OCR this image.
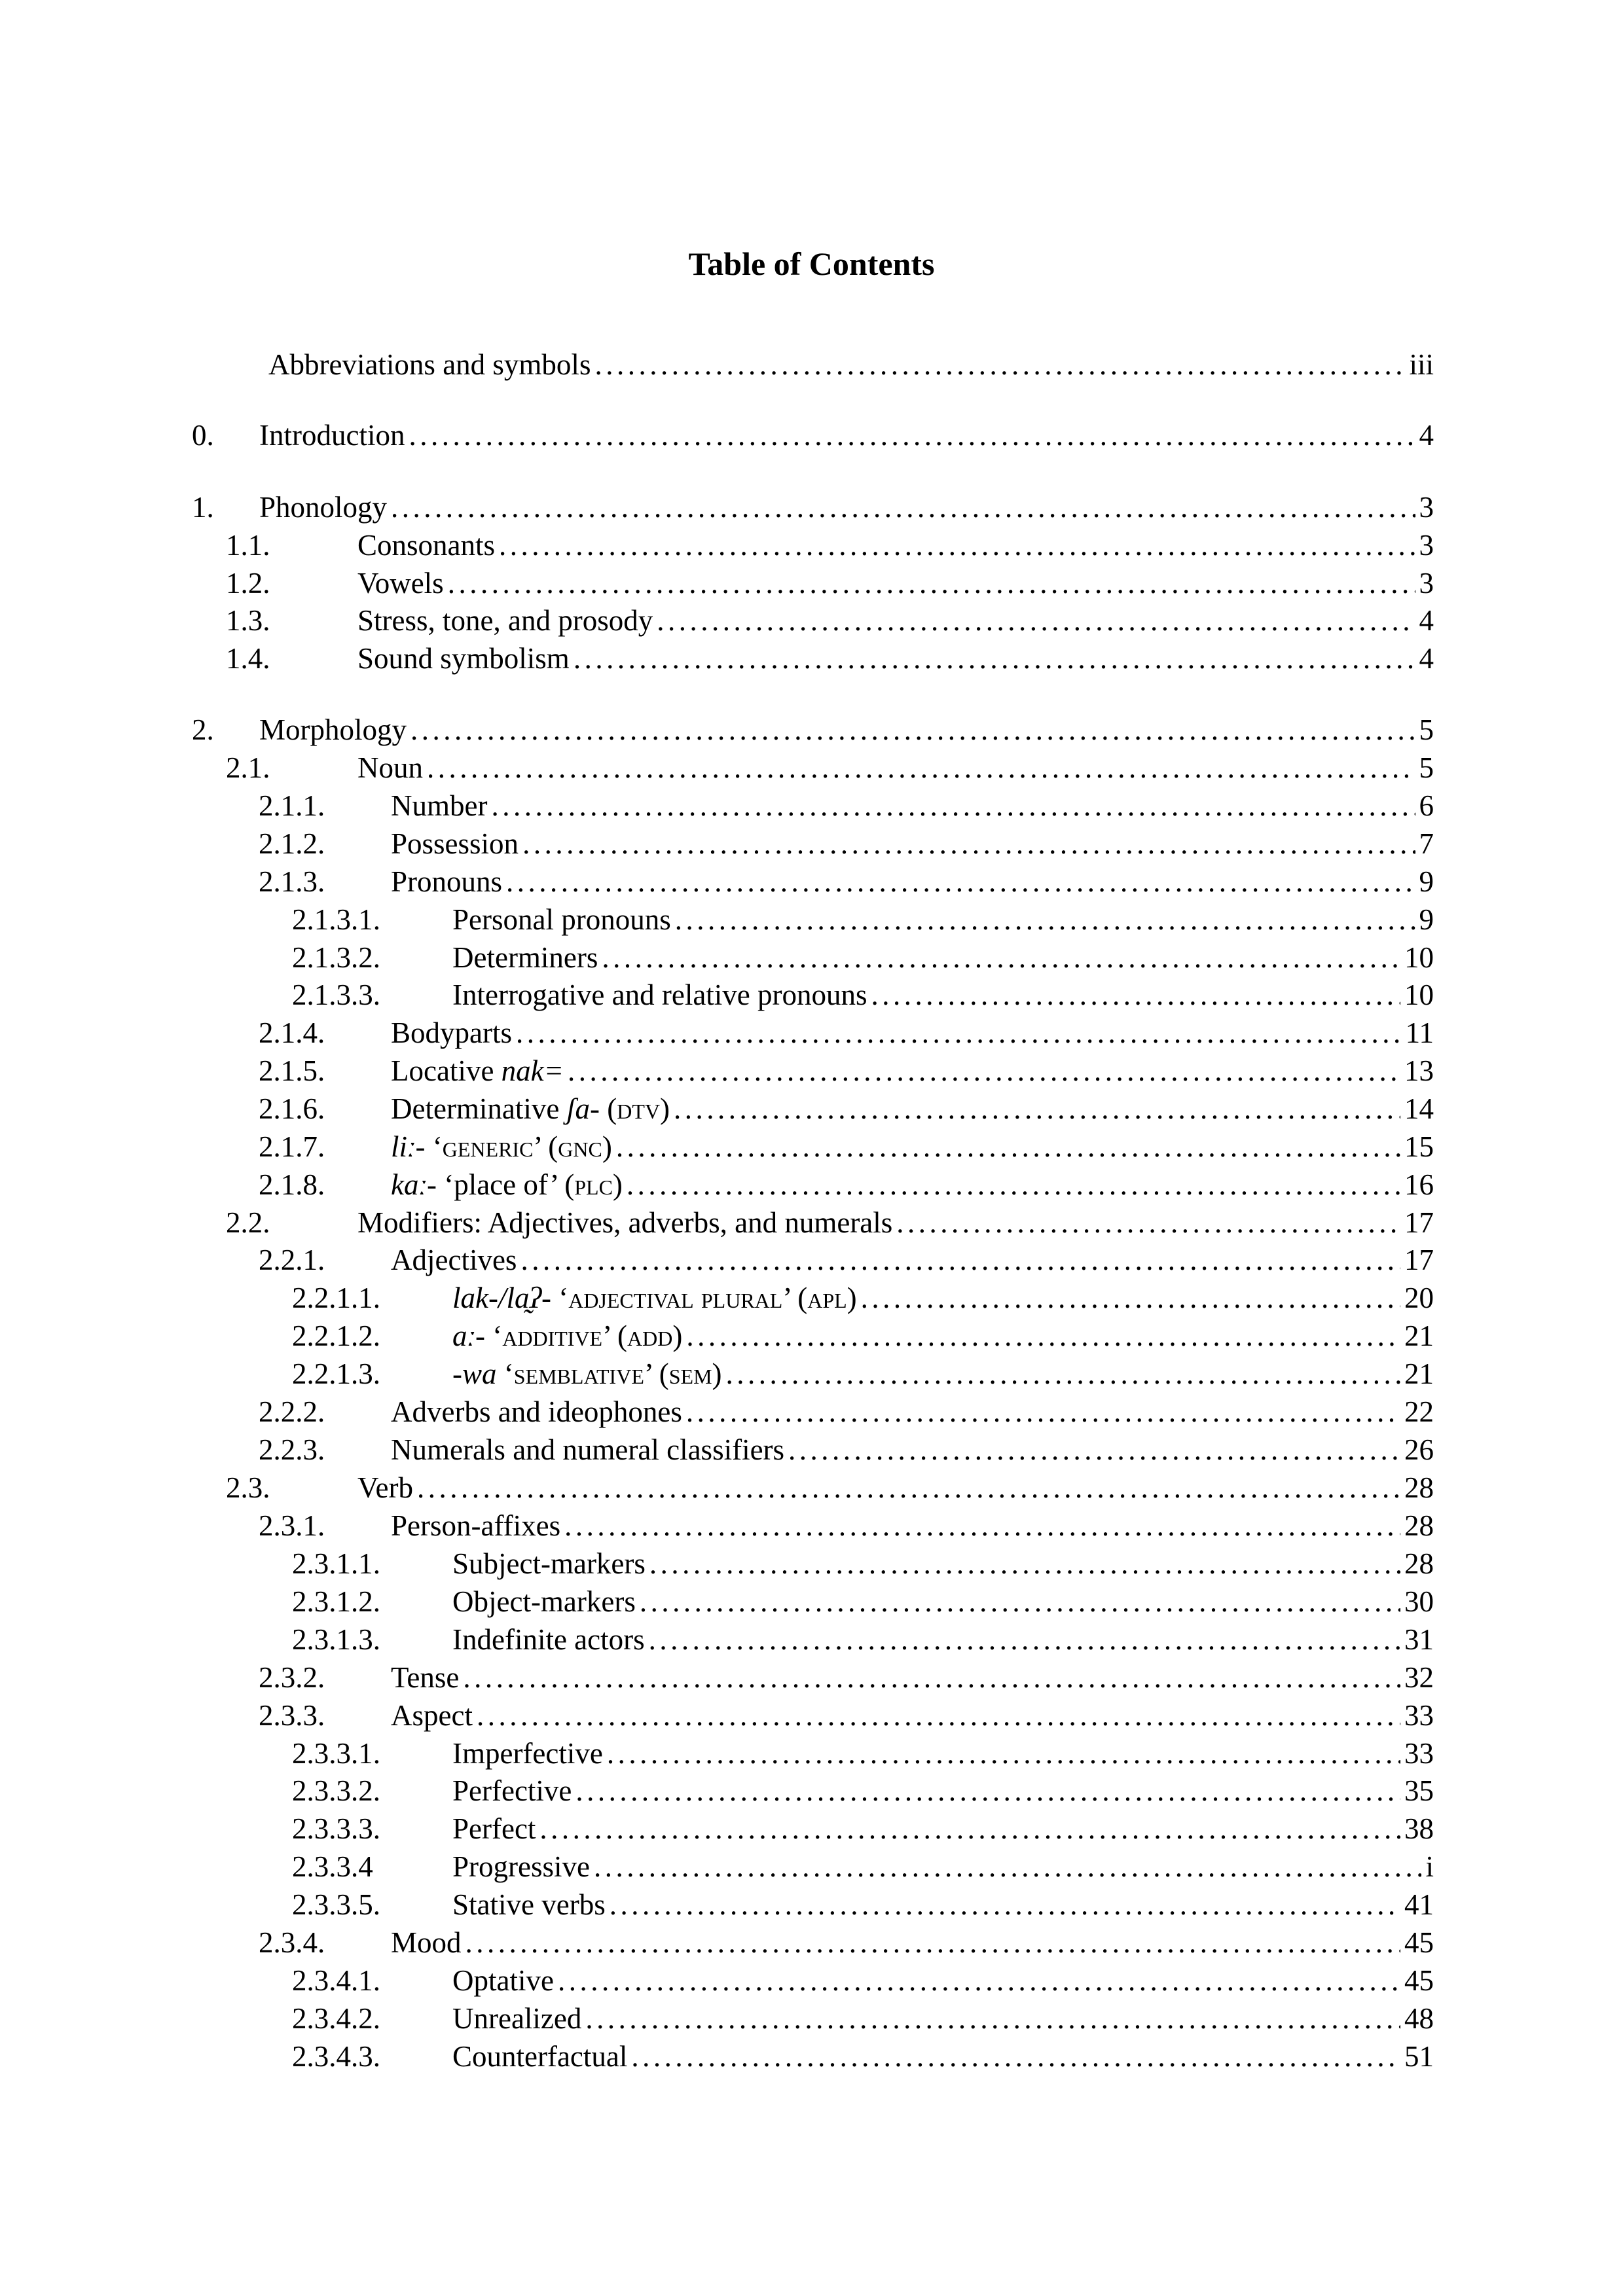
Table of Contents
Abbreviations and symbols .....	iii
0. Introduction .....	4
1. Phonology .....	3
1.1.	Consonants .....	3
1.2.	Vowels .....	3
1.3.	Stress, tone, and prosody .....	4
1.4.	Sound symbolism .....	4
2. Morphology .....	5
2.1.	Noun .....	5
2.1.1. Number .....	6
2.1.2. Possession .....	7
2.1.3. Pronouns .....	9
2.1.3.1. Personal pronouns .....	9
2.1.3.2. Determiners .....	10
2.1.3.3. Interrogative and relative pronouns .....	10
2.1.4. Bodyparts .....	11
2.1.5. Locative nak= .....	13
2.1.6. Determinative ʃa- (dtv) .....	14
2.1.7. liː- ‘generic’ (gnc) .....	15
2.1.8. kaː- ‘place of’ (plc) .....	16
2.2.	Modifiers: Adjectives, adverbs, and numerals .....	17
2.2.1. Adjectives .....	17
2.2.1.1. lak-/la̰ʔ- ‘adjectival plural’ (apl) .....	20
2.2.1.2. aː- ‘additive’ (add) .....	21
2.2.1.3. -wa ‘semblative’ (sem) .....	21
2.2.2. Adverbs and ideophones .....	22
2.2.3. Numerals and numeral classifiers .....	26
2.3.	Verb .....	28
2.3.1. Person-affixes .....	28
2.3.1.1. Subject-markers .....	28
2.3.1.2. Object-markers .....	30
2.3.1.3. Indefinite actors .....	31
2.3.2. Tense .....	32
2.3.3. Aspect .....	33
2.3.3.1. Imperfective .....	33
2.3.3.2. Perfective .....	35
2.3.3.3. Perfect .....	38
2.3.3.4	Progressive .....	i
2.3.3.5. Stative verbs .....	41
2.3.4. Mood .....	45
2.3.4.1. Optative .....	45
2.3.4.2. Unrealized .....	48
2.3.4.3. Counterfactual .....	51
